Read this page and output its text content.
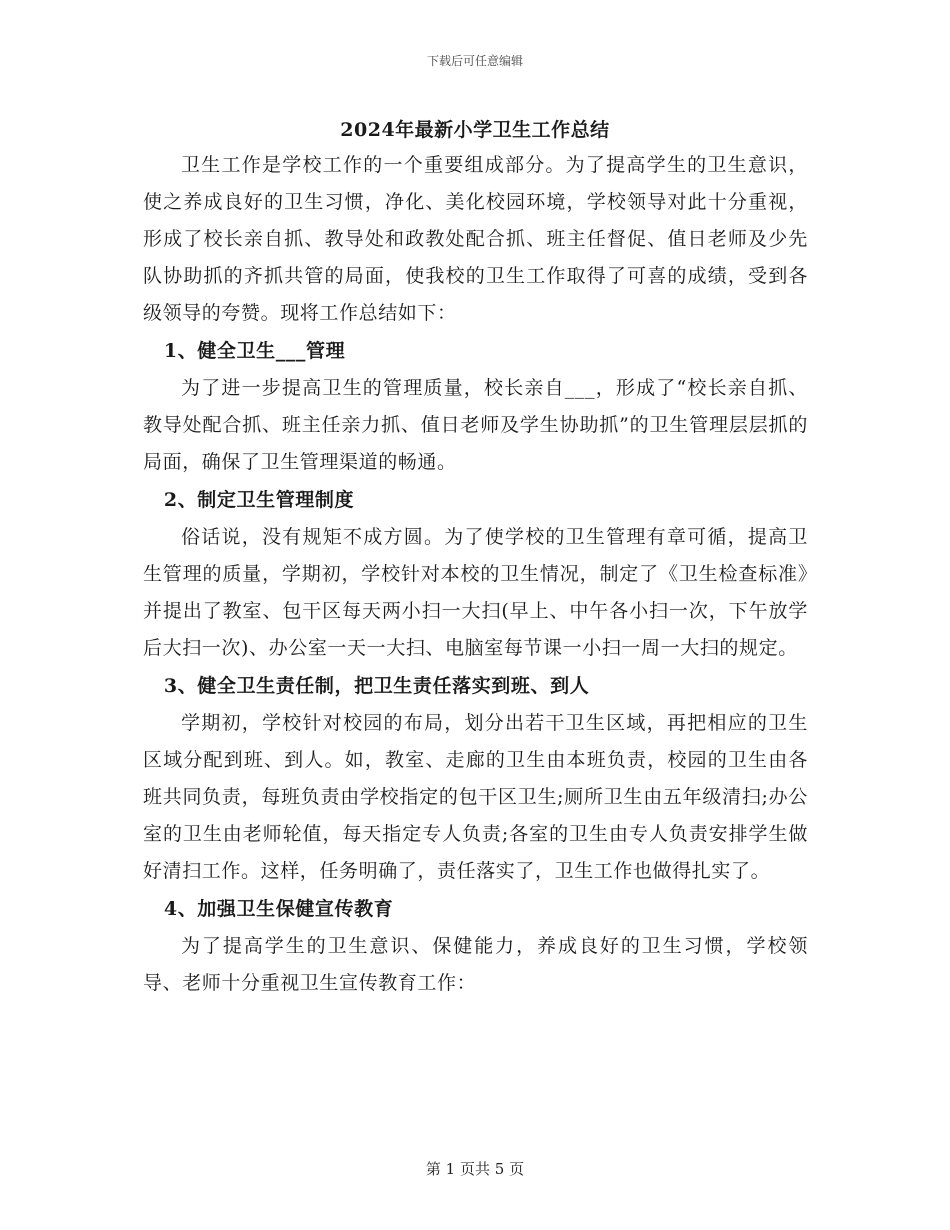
下载后可任意编辑
2024年最新小学卫生工作总结

卫生工作是学校工作的一个重要组成部分。为了提高学生的卫生意识，使之养成良好的卫生习惯，净化、美化校园环境，学校领导对此十分重视，形成了校长亲自抓、教导处和政教处配合抓、班主任督促、值日老师及少先队协助抓的齐抓共管的局面，使我校的卫生工作取得了可喜的成绩，受到各级领导的夸赞。现将工作总结如下：

1、健全卫生___管理

为了进一步提高卫生的管理质量，校长亲自___，形成了“校长亲自抓、教导处配合抓、班主任亲力抓、值日老师及学生协助抓”的卫生管理层层抓的局面，确保了卫生管理渠道的畅通。

2、制定卫生管理制度

俗话说，没有规矩不成方圆。为了使学校的卫生管理有章可循，提高卫生管理的质量，学期初，学校针对本校的卫生情况，制定了《卫生检查标准》并提出了教室、包干区每天两小扫一大扫(早上、中午各小扫一次，下午放学后大扫一次)、办公室一天一大扫、电脑室每节课一小扫一周一大扫的规定。

3、健全卫生责任制，把卫生责任落实到班、到人

学期初，学校针对校园的布局，划分出若干卫生区域，再把相应的卫生区域分配到班、到人。如，教室、走廊的卫生由本班负责，校园的卫生由各班共同负责，每班负责由学校指定的包干区卫生;厕所卫生由五年级清扫;办公室的卫生由老师轮值，每天指定专人负责;各室的卫生由专人负责安排学生做好清扫工作。这样，任务明确了，责任落实了，卫生工作也做得扎实了。

4、加强卫生保健宣传教育

为了提高学生的卫生意识、保健能力，养成良好的卫生习惯，学校领导、老师十分重视卫生宣传教育工作：

第 1 页共 5 页
